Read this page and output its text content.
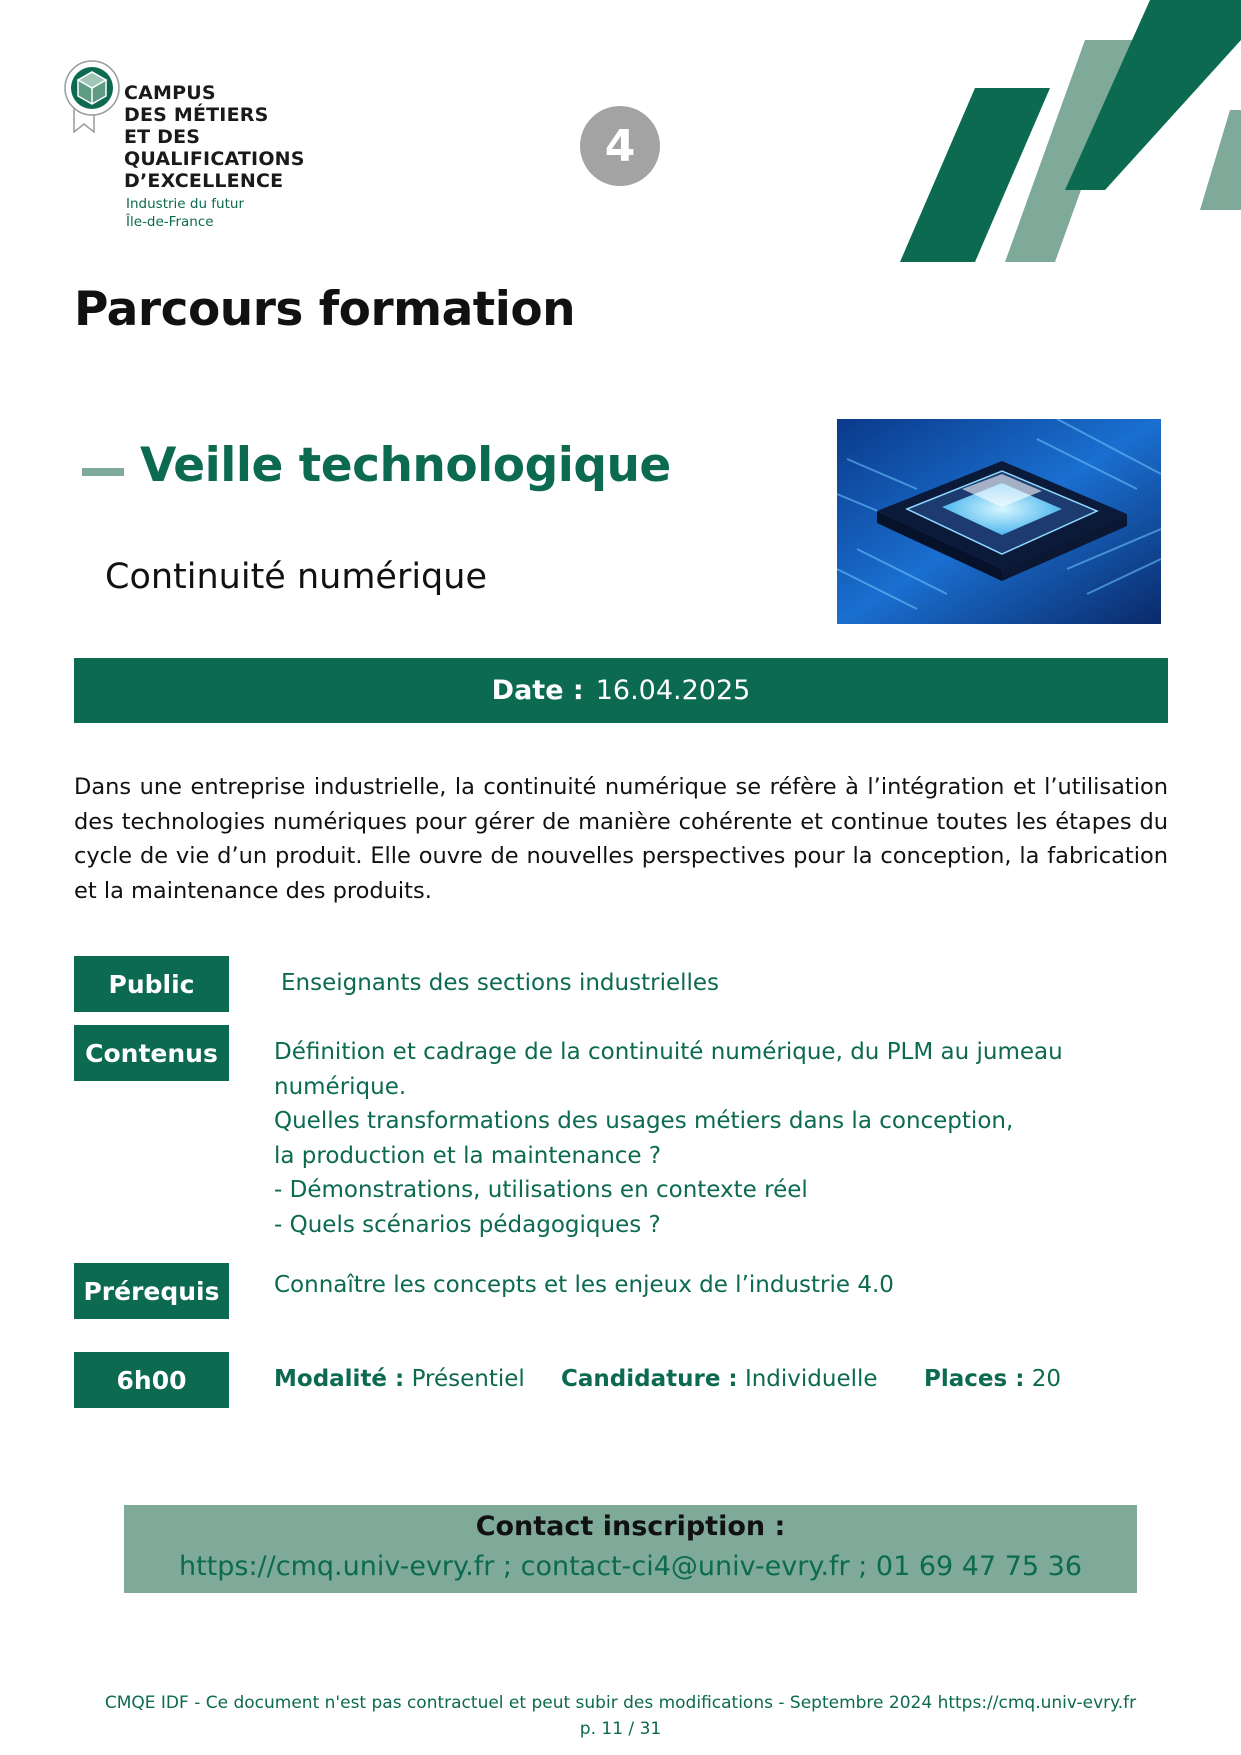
CAMPUS
DES MÉTIERS
ET DES
QUALIFICATIONS
D’EXCELLENCE
Industrie du futur
Île-de-France
4
Parcours formation
Veille technologique
Continuité numérique
Date : 16.04.2025
Dans une entreprise industrielle, la continuité numérique se réfère à l’intégration et l’utilisation des technologies numériques pour gérer de manière cohérente et continue toutes les étapes du cycle de vie d’un produit. Elle ouvre de nouvelles perspectives pour la conception, la fabrication et la maintenance des produits.
Public	Enseignants des sections industrielles
Contenus	Définition et cadrage de la continuité numérique, du PLM au jumeau
numérique.
Quelles transformations des usages métiers dans la conception,
la production et la maintenance ?
- Démonstrations, utilisations en contexte réel
- Quels scénarios pédagogiques ?
Prérequis	Connaître les concepts et les enjeux de l’industrie 4.0
6h00	Modalité : Présentiel Candidature : Individuelle Places : 20
Contact inscription :
https://cmq.univ-evry.fr ; contact-ci4@univ-evry.fr ; 01 69 47 75 36
CMQE IDF - Ce document n'est pas contractuel et peut subir des modifications - Septembre 2024 https://cmq.univ-evry.fr
p. 11 / 31
